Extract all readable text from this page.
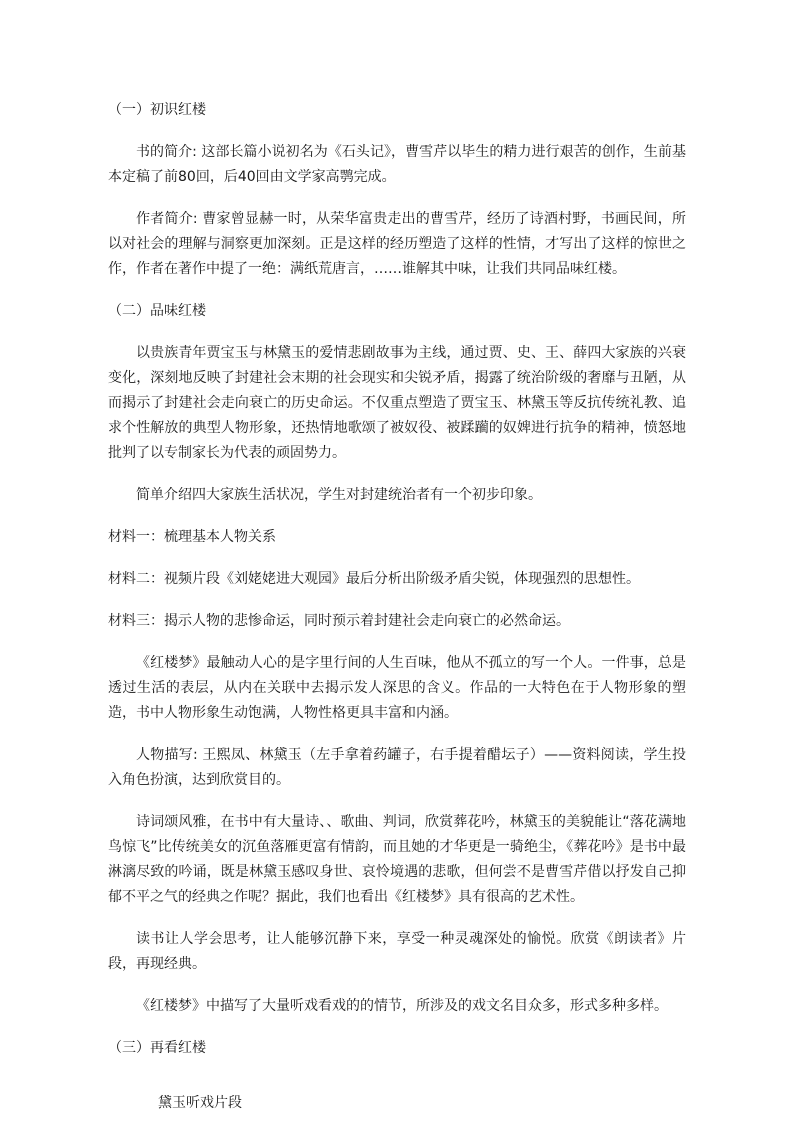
（一）初识红楼
书的简介: 这部长篇小说初名为《石头记》，曹雪芹以毕生的精力进行艰苦的创作，生前基本定稿了前80回，后40回由文学家高鹗完成。
作者简介: 曹家曾显赫一时，从荣华富贵走出的曹雪芹，经历了诗酒村野，书画民间，所以对社会的理解与洞察更加深刻。正是这样的经历塑造了这样的性情，才写出了这样的惊世之作，作者在著作中提了一绝：满纸荒唐言，……谁解其中味，让我们共同品味红楼。
（二）品味红楼
以贵族青年贾宝玉与林黛玉的爱情悲剧故事为主线，通过贾、史、王、薛四大家族的兴衰变化，深刻地反映了封建社会末期的社会现实和尖锐矛盾，揭露了统治阶级的奢靡与丑陋，从而揭示了封建社会走向衰亡的历史命运。不仅重点塑造了贾宝玉、林黛玉等反抗传统礼教、追求个性解放的典型人物形象，还热情地歌颂了被奴役、被蹂躏的奴婢进行抗争的精神，愤怒地批判了以专制家长为代表的顽固势力。
简单介绍四大家族生活状况，学生对封建统治者有一个初步印象。
材料一：梳理基本人物关系
材料二：视频片段《刘姥姥进大观园》最后分析出阶级矛盾尖锐，体现强烈的思想性。
材料三：揭示人物的悲惨命运，同时预示着封建社会走向衰亡的必然命运。
《红楼梦》最触动人心的是字里行间的人生百味，他从不孤立的写一个人。一件事，总是透过生活的表层，从内在关联中去揭示发人深思的含义。作品的一大特色在于人物形象的塑造，书中人物形象生动饱满，人物性格更具丰富和内涵。
人物描写: 王熙凤、林黛玉（左手拿着药罐子，右手提着醋坛子）——资料阅读，学生投入角色扮演，达到欣赏目的。
诗词颂风雅，在书中有大量诗、、歌曲、判词，欣赏葬花吟，林黛玉的美貌能让“落花满地鸟惊飞”比传统美女的沉鱼落雁更富有情韵，而且她的才华更是一骑绝尘，《葬花吟》是书中最淋漓尽致的吟诵，既是林黛玉感叹身世、哀怜境遇的悲歌，但何尝不是曹雪芹借以抒发自己抑郁不平之气的经典之作呢？据此，我们也看出《红楼梦》具有很高的艺术性。
读书让人学会思考，让人能够沉静下来，享受一种灵魂深处的愉悦。欣赏《朗读者》片段，再现经典。
《红楼梦》中描写了大量听戏看戏的的情节，所涉及的戏文名目众多，形式多种多样。
（三）再看红楼
黛玉听戏片段
